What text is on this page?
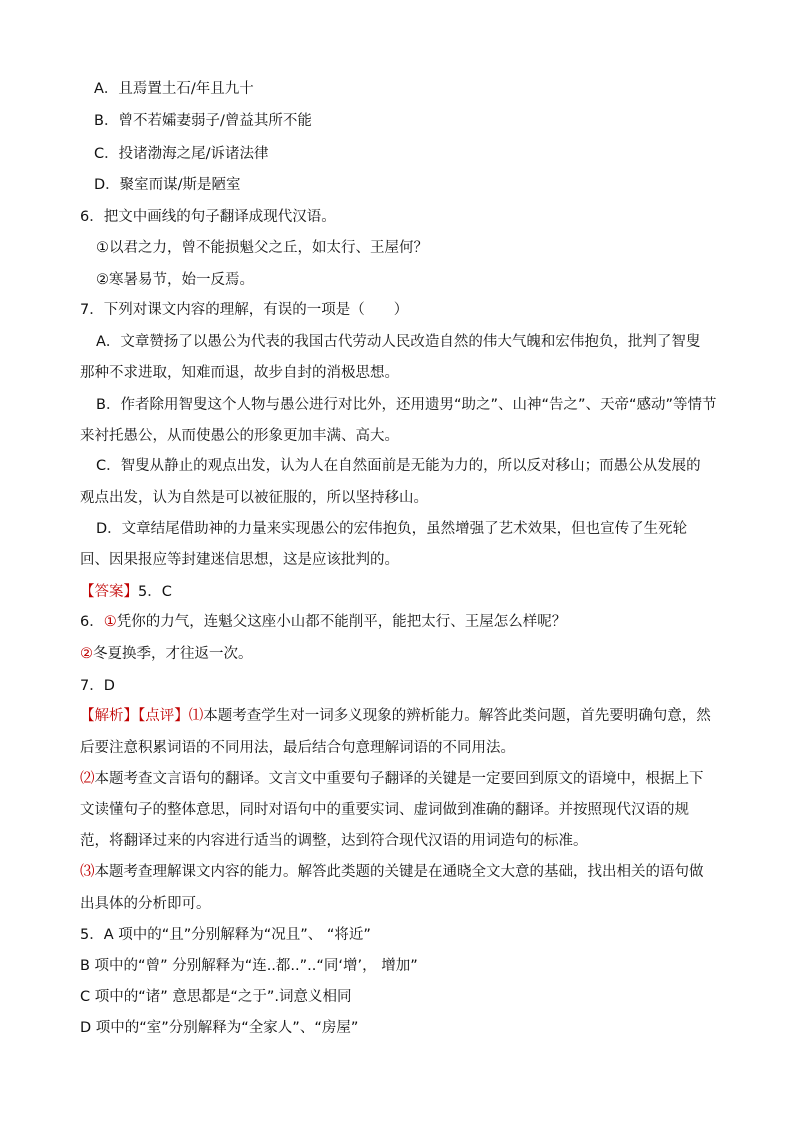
A．且焉置土石/年且九十
B．曾不若孀妻弱子/曾益其所不能
C．投诸渤海之尾/诉诸法律
D．聚室而谋/斯是陋室
6．把文中画线的句子翻译成现代汉语。
①以君之力，曾不能损魁父之丘，如太行、王屋何？
②寒暑易节，始一反焉。
7．下列对课文内容的理解，有误的一项是（　　）
A．文章赞扬了以愚公为代表的我国古代劳动人民改造自然的伟大气魄和宏伟抱负，批判了智叟
那种不求进取，知难而退，故步自封的消极思想。
B．作者除用智叟这个人物与愚公进行对比外，还用遗男“助之”、山神“告之”、天帝“感动”等情节
来衬托愚公，从而使愚公的形象更加丰满、高大。
C．智叟从静止的观点出发，认为人在自然面前是无能为力的，所以反对移山；而愚公从发展的
观点出发，认为自然是可以被征服的，所以坚持移山。
D．文章结尾借助神的力量来实现愚公的宏伟抱负，虽然增强了艺术效果，但也宣传了生死轮
回、因果报应等封建迷信思想，这是应该批判的。
【答案】5．C
6．①凭你的力气，连魁父这座小山都不能削平，能把太行、王屋怎么样呢？
②冬夏换季，才往返一次。
7．D
【解析】【点评】⑴本题考查学生对一词多义现象的辨析能力。解答此类问题，首先要明确句意，然
后要注意积累词语的不同用法，最后结合句意理解词语的不同用法。
⑵本题考查文言语句的翻译。文言文中重要句子翻译的关键是一定要回到原文的语境中，根据上下
文读懂句子的整体意思，同时对语句中的重要实词、虚词做到准确的翻译。并按照现代汉语的规
范，将翻译过来的内容进行适当的调整，达到符合现代汉语的用词造句的标准。
⑶本题考查理解课文内容的能力。解答此类题的关键是在通晓全文大意的基础，找出相关的语句做
出具体的分析即可。
5．A 项中的“且”分别解释为“况且”、 “将近”
B 项中的“曾” 分别解释为“连..都..”..“同‘增’， 增加”
C 项中的“诸” 意思都是“之于”.词意义相同
D 项中的“室”分别解释为“全家人”、“房屋”
